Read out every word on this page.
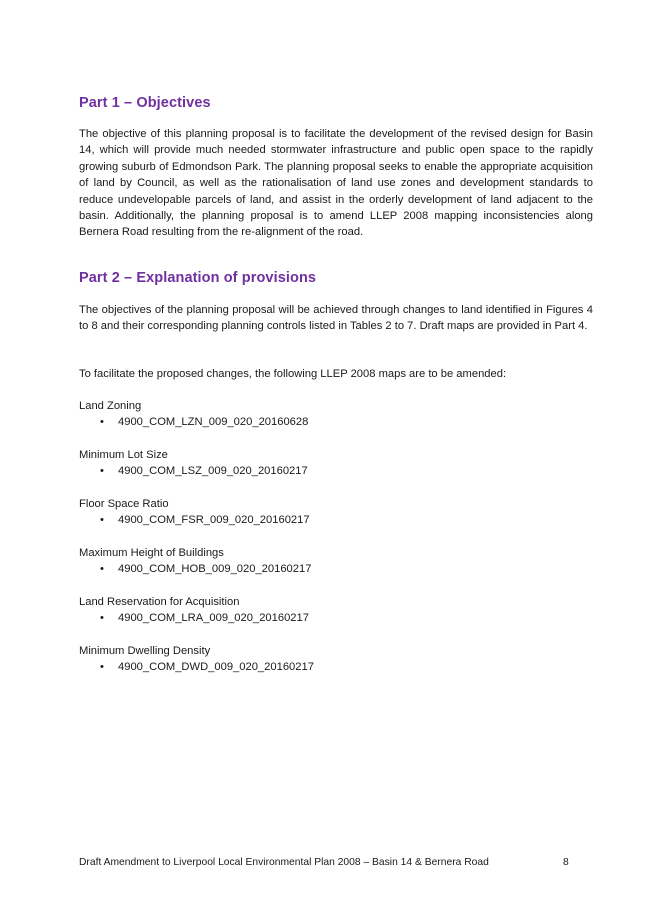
Part 1 – Objectives

The objective of this planning proposal is to facilitate the development of the revised design for Basin 14, which will provide much needed stormwater infrastructure and public open space to the rapidly growing suburb of Edmondson Park. The planning proposal seeks to enable the appropriate acquisition of land by Council, as well as the rationalisation of land use zones and development standards to reduce undevelopable parcels of land, and assist in the orderly development of land adjacent to the basin. Additionally, the planning proposal is to amend LLEP 2008 mapping inconsistencies along Bernera Road resulting from the re-alignment of the road.

Part 2 – Explanation of provisions

The objectives of the planning proposal will be achieved through changes to land identified in Figures 4 to 8 and their corresponding planning controls listed in Tables 2 to 7. Draft maps are provided in Part 4.

To facilitate the proposed changes, the following LLEP 2008 maps are to be amended:

Land Zoning
• 4900_COM_LZN_009_020_20160628
Minimum Lot Size
• 4900_COM_LSZ_009_020_20160217
Floor Space Ratio
• 4900_COM_FSR_009_020_20160217
Maximum Height of Buildings
• 4900_COM_HOB_009_020_20160217
Land Reservation for Acquisition
• 4900_COM_LRA_009_020_20160217
Minimum Dwelling Density
• 4900_COM_DWD_009_020_20160217
Draft Amendment to Liverpool Local Environmental Plan 2008 – Basin 14 & Bernera Road	8
